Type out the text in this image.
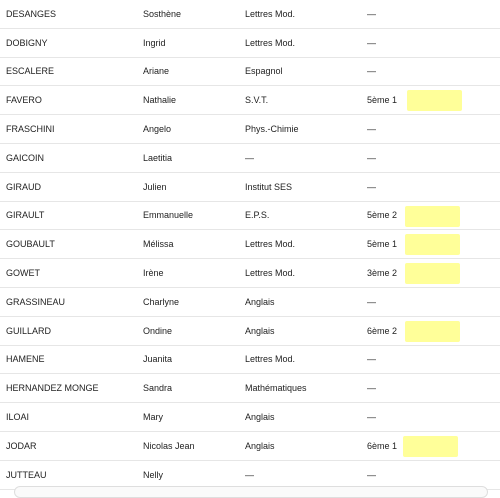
DESANGES	Sosthène	Lettres Mod.	—
DOBIGNY	Ingrid	Lettres Mod.	—
ESCALERE	Ariane	Espagnol	—
FAVERO	Nathalie	S.V.T.	5ème 1
FRASCHINI	Angelo	Phys.-Chimie	—
GAICOIN	Laetitia	—	—
GIRAUD	Julien	Institut SES	—
GIRAULT	Emmanuelle	E.P.S.	5ème 2
GOUBAULT	Mélissa	Lettres Mod.	5ème 1
GOWET	Irène	Lettres Mod.	3ème 2
GRASSINEAU	Charlyne	Anglais	—
GUILLARD	Ondine	Anglais	6ème 2
HAMENE	Juanita	Lettres Mod.	—
HERNANDEZ MONGE	Sandra	Mathématiques	—
ILOAI	Mary	Anglais	—
JODAR	Nicolas Jean	Anglais	6ème 1
JUTTEAU	Nelly	—	—
